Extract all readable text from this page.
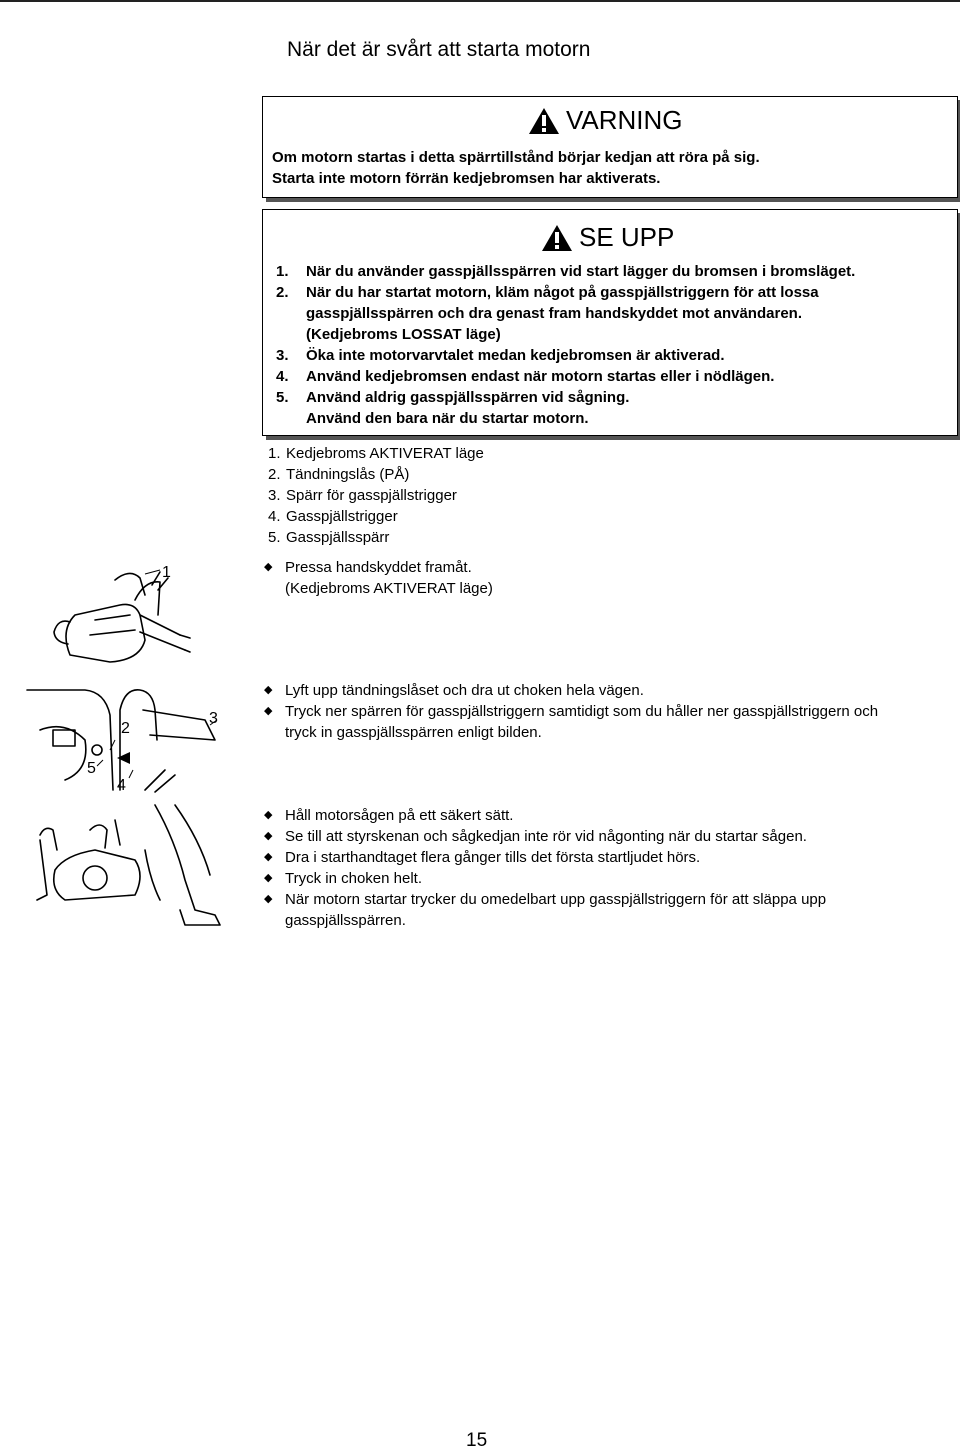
När det är svårt att starta motorn
VARNING
Om motorn startas i detta spärrtillstånd börjar kedjan att röra på sig.
Starta inte motorn förrän kedjebromsen har aktiverats.
SE UPP
1. När du använder gasspjällsspärren vid start lägger du bromsen i bromsläget.
2. När du har startat motorn, kläm något på gasspjällstriggern för att lossa
gasspjällsspärren och dra genast fram handskyddet mot användaren.
(Kedjebroms LOSSAT läge)
3. Öka inte motorvarvtalet medan kedjebromsen är aktiverad.
4. Använd kedjebromsen endast när motorn startas eller i nödlägen.
5. Använd aldrig gasspjällsspärren vid sågning.
Använd den bara när du startar motorn.
1. Kedjebroms AKTIVERAT läge
2. Tändningslås (PÅ)
3. Spärr för gasspjällstrigger
4. Gasspjällstrigger
5. Gasspjällsspärr
◆ Pressa handskyddet framåt.
(Kedjebroms AKTIVERAT läge)
◆ Lyft upp tändningslåset och dra ut choken hela vägen.
◆ Tryck ner spärren för gasspjällstriggern samtidigt som du håller ner gasspjällstriggern och
tryck in gasspjällsspärren enligt bilden.
◆ Håll motorsågen på ett säkert sätt.
◆ Se till att styrskenan och sågkedjan inte rör vid någonting när du startar sågen.
◆ Dra i starthandtaget flera gånger tills det första startljudet hörs.
◆ Tryck in choken helt.
◆ När motorn startar trycker du omedelbart upp gasspjällstriggern för att släppa upp
gasspjällsspärren.
1
2
3
4
5
15
